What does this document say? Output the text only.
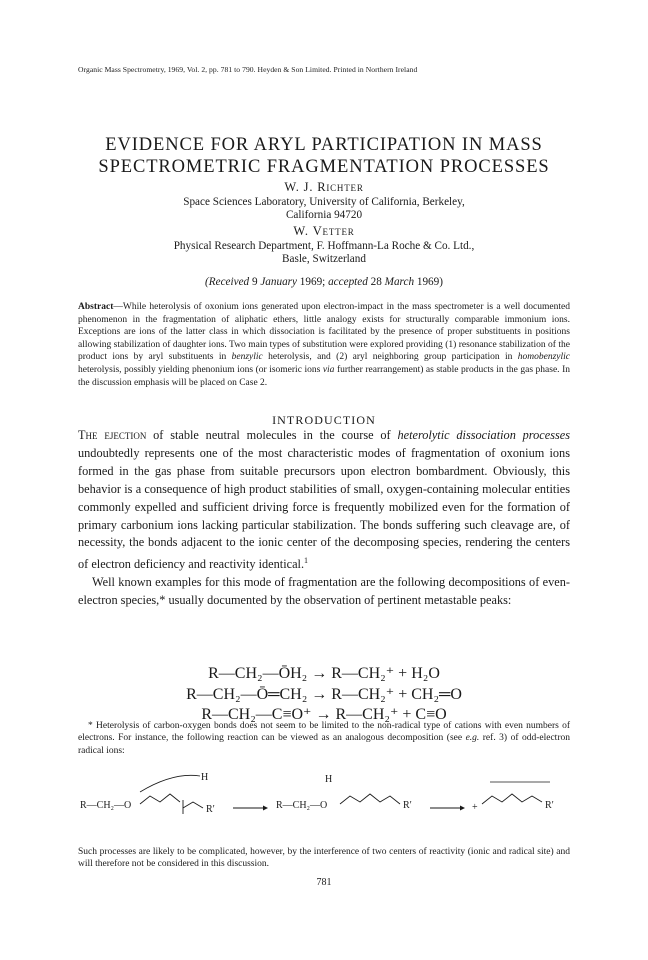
Organic Mass Spectrometry, 1969, Vol. 2, pp. 781 to 790. Heyden & Son Limited. Printed in Northern Ireland
EVIDENCE FOR ARYL PARTICIPATION IN MASS
SPECTROMETRIC FRAGMENTATION PROCESSES
W. J. Richter
Space Sciences Laboratory, University of California, Berkeley,
California 94720
W. Vetter
Physical Research Department, F. Hoffmann-La Roche & Co. Ltd.,
Basle, Switzerland
(Received 9 January 1969; accepted 28 March 1969)
Abstract—While heterolysis of oxonium ions generated upon electron-impact in the mass spectrometer is a well documented phenomenon in the fragmentation of aliphatic ethers, little analogy exists for structurally comparable immonium ions. Exceptions are ions of the latter class in which dissociation is facilitated by the presence of proper substituents in positions allowing stabilization of daughter ions. Two main types of substitution were explored providing (1) resonance stabilization of the product ions by aryl substituents in benzylic heterolysis, and (2) aryl neighboring group participation in homobenzylic heterolysis, possibly yielding phenonium ions (or isomeric ions via further rearrangement) as stable products in the gas phase. In the discussion emphasis will be placed on Case 2.
INTRODUCTION

The ejection of stable neutral molecules in the course of heterolytic dissociation processes undoubtedly represents one of the most characteristic modes of fragmentation of oxonium ions formed in the gas phase from suitable precursors upon electron bombardment. Obviously, this behavior is a consequence of high product stabilities of small, oxygen-containing molecular entities commonly expelled and sufficient driving force is frequently mobilized even for the formation of primary carbonium ions lacking particular stabilization. The bonds suffering such cleavage are, of necessity, the bonds adjacent to the ionic center of the decomposing species, rendering the centers of electron deficiency and reactivity identical.$^1$

Well known examples for this mode of fragmentation are the following decompositions of even-electron species,* usually documented by the observation of pertinent metastable peaks:

R—CH₂—ŌH₂ → R—CH₂⁺ + H₂O
R—CH₂—Ō═CH₂ → R—CH₂⁺ + CH₂═O
R—CH₂—C≡O⁺ → R—CH₂⁺ + C≡O

* Heterolysis of carbon-oxygen bonds does not seem to be limited to the non-radical type of cations with even numbers of electrons. For instance, the following reaction can be viewed as an analogous decomposition (see e.g. ref. 3) of odd-electron radical ions:

R—CH₂—O
H
R′	R—CH₂—O
H
R′	+	R′
Such processes are likely to be complicated, however, by the interference of two centers of reactivity (ionic and radical site) and will therefore not be considered in this discussion.
781
